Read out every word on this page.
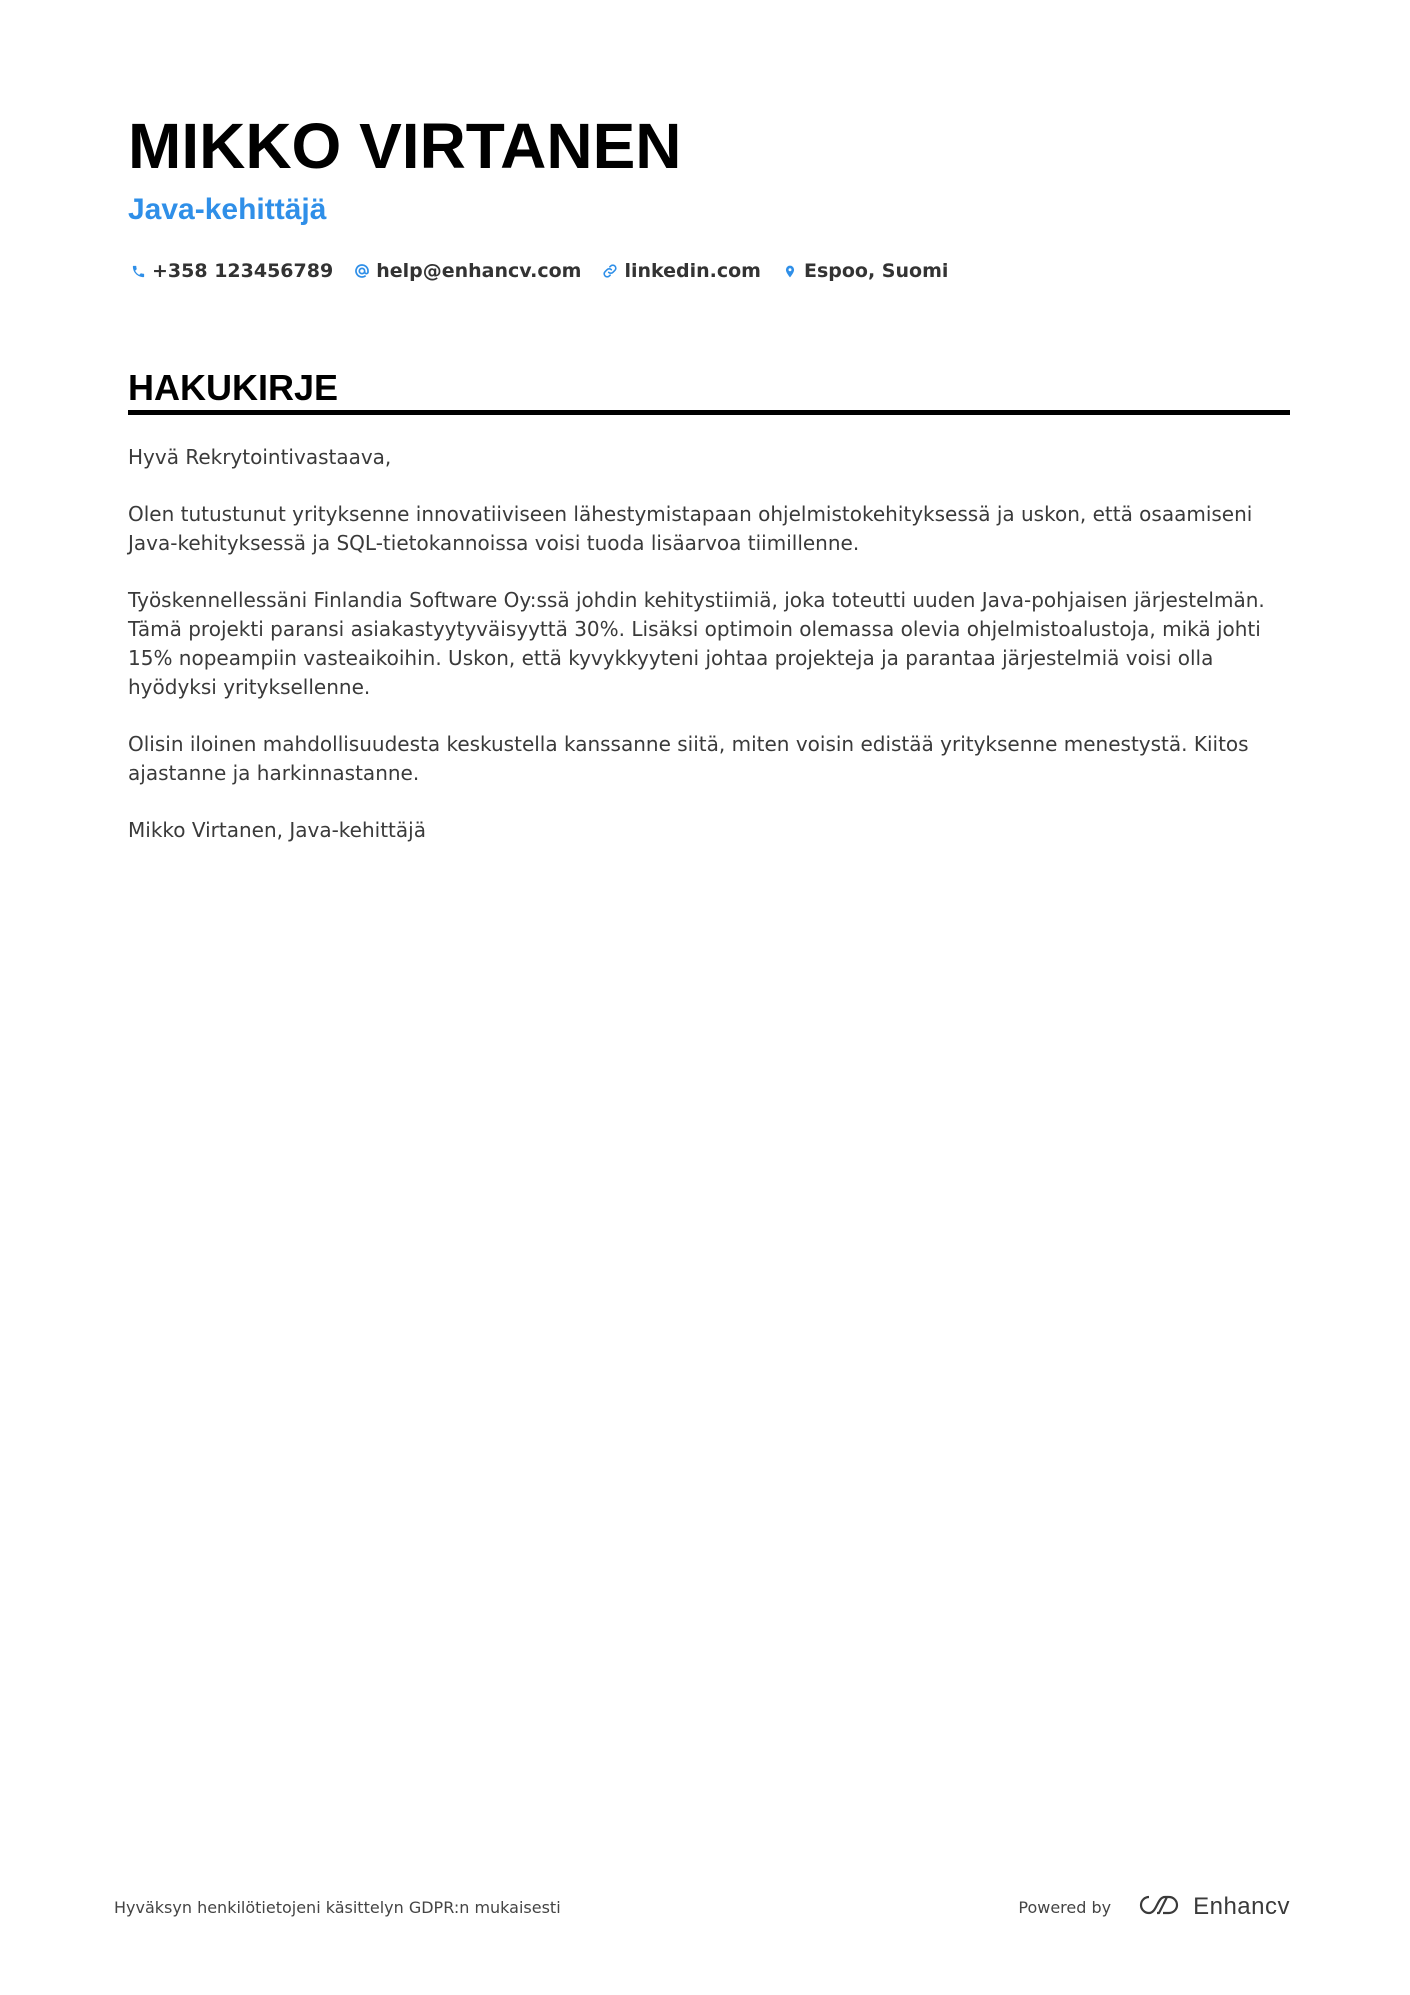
MIKKO VIRTANEN
Java-kehittäjä
+358 123456789 help@enhancv.com linkedin.com Espoo, Suomi
HAKUKIRJE

Hyvä Rekrytointivastaava,

Olen tutustunut yrityksenne innovatiiviseen lähestymistapaan ohjelmistokehityksessä ja uskon, että osaamiseni Java-kehityksessä ja SQL-tietokannoissa voisi tuoda lisäarvoa tiimillenne.

Työskennellessäni Finlandia Software Oy:ssä johdin kehitystiimiä, joka toteutti uuden Java-pohjaisen järjestelmän. Tämä projekti paransi asiakastyytyväisyyttä 30%. Lisäksi optimoin olemassa olevia ohjelmistoalustoja, mikä johti 15% nopeampiin vasteaikoihin. Uskon, että kyvykkyyteni johtaa projekteja ja parantaa järjestelmiä voisi olla hyödyksi yrityksellenne.

Olisin iloinen mahdollisuudesta keskustella kanssanne siitä, miten voisin edistää yrityksenne menestystä. Kiitos ajastanne ja harkinnastanne.

Mikko Virtanen, Java-kehittäjä

Hyväksyn henkilötietojeni käsittelyn GDPR:n mukaisesti	Powered by	Enhancv
